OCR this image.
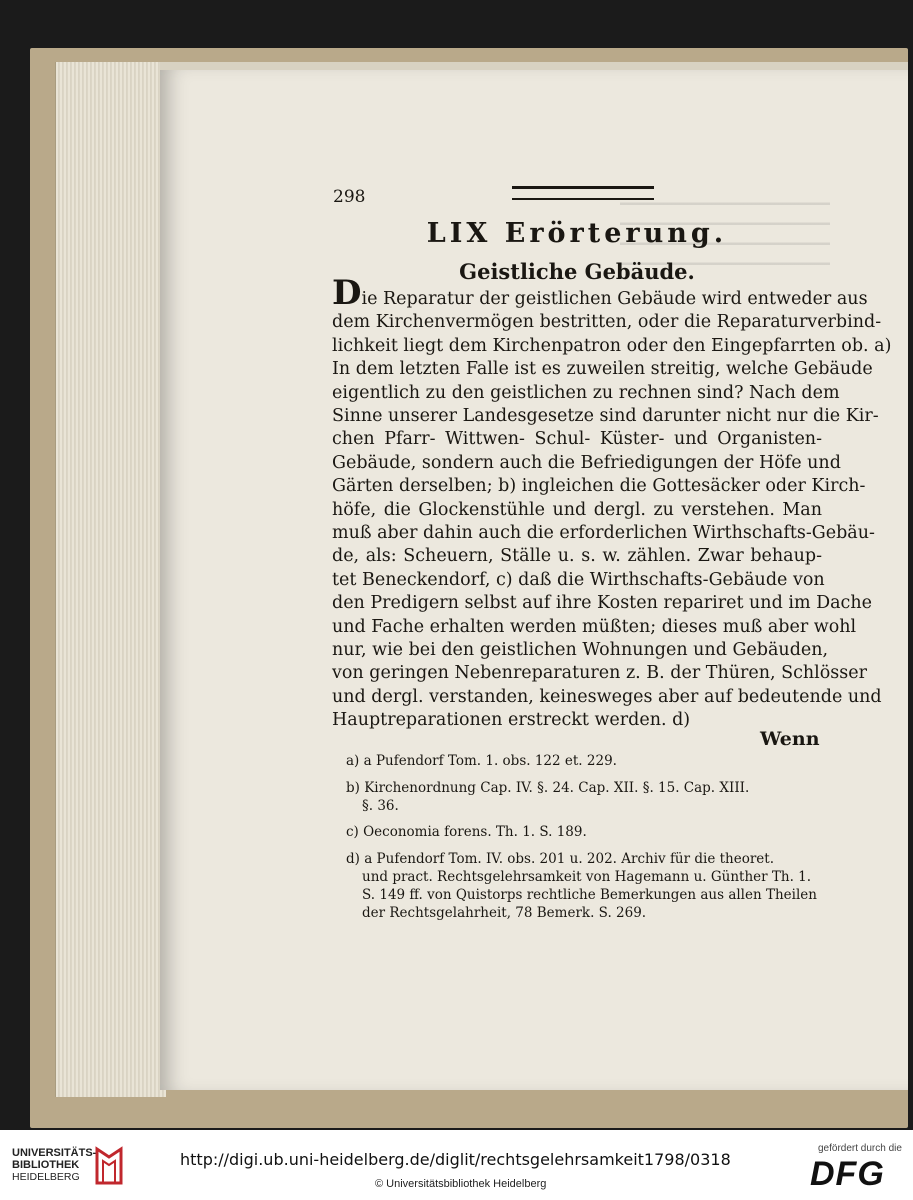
298
LIX Erörterung.
Geistliche Gebäude.
Die Reparatur der geistlichen Gebäude wird entweder aus
dem Kirchenvermögen bestritten, oder die Reparaturverbind-
lichkeit liegt dem Kirchenpatron oder den Eingepfarrten ob. a)
In dem letzten Falle ist es zuweilen streitig, welche Gebäude
eigentlich zu den geistlichen zu rechnen sind? Nach dem
Sinne unserer Landesgesetze sind darunter nicht nur die Kir-
chen Pfarr- Wittwen- Schul- Küster- und Organisten-
Gebäude, sondern auch die Befriedigungen der Höfe und
Gärten derselben; b) ingleichen die Gottesäcker oder Kirch-
höfe, die Glockenstühle und dergl. zu verstehen. Man
muß aber dahin auch die erforderlichen Wirthschafts-Gebäu-
de, als: Scheuern, Ställe u. s. w. zählen. Zwar behaup-
tet Beneckendorf, c) daß die Wirthschafts-Gebäude von
den Predigern selbst auf ihre Kosten repariret und im Dache
und Fache erhalten werden müßten; dieses muß aber wohl
nur, wie bei den geistlichen Wohnungen und Gebäuden,
von geringen Nebenreparaturen z. B. der Thüren, Schlösser
und dergl. verstanden, keinesweges aber auf bedeutende und
Hauptreparationen erstreckt werden. d)
Wenn
a) a Pufendorf Tom. 1. obs. 122 et. 229.
b) Kirchenordnung Cap. IV. §. 24. Cap. XII. §. 15. Cap. XIII.
§. 36.
c) Oeconomia forens. Th. 1. S. 189.
d) a Pufendorf Tom. IV. obs. 201 u. 202. Archiv für die theoret.
und pract. Rechtsgelehrsamkeit von Hagemann u. Günther Th. 1.
S. 149 ff. von Quistorps rechtliche Bemerkungen aus allen Theilen
der Rechtsgelahrheit, 78 Bemerk. S. 269.
UNIVERSITÄTS-
BIBLIOTHEK
HEIDELBERG
http://digi.ub.uni-heidelberg.de/diglit/rechtsgelehrsamkeit1798/0318
© Universitätsbibliothek Heidelberg
gefördert durch die
DFG
